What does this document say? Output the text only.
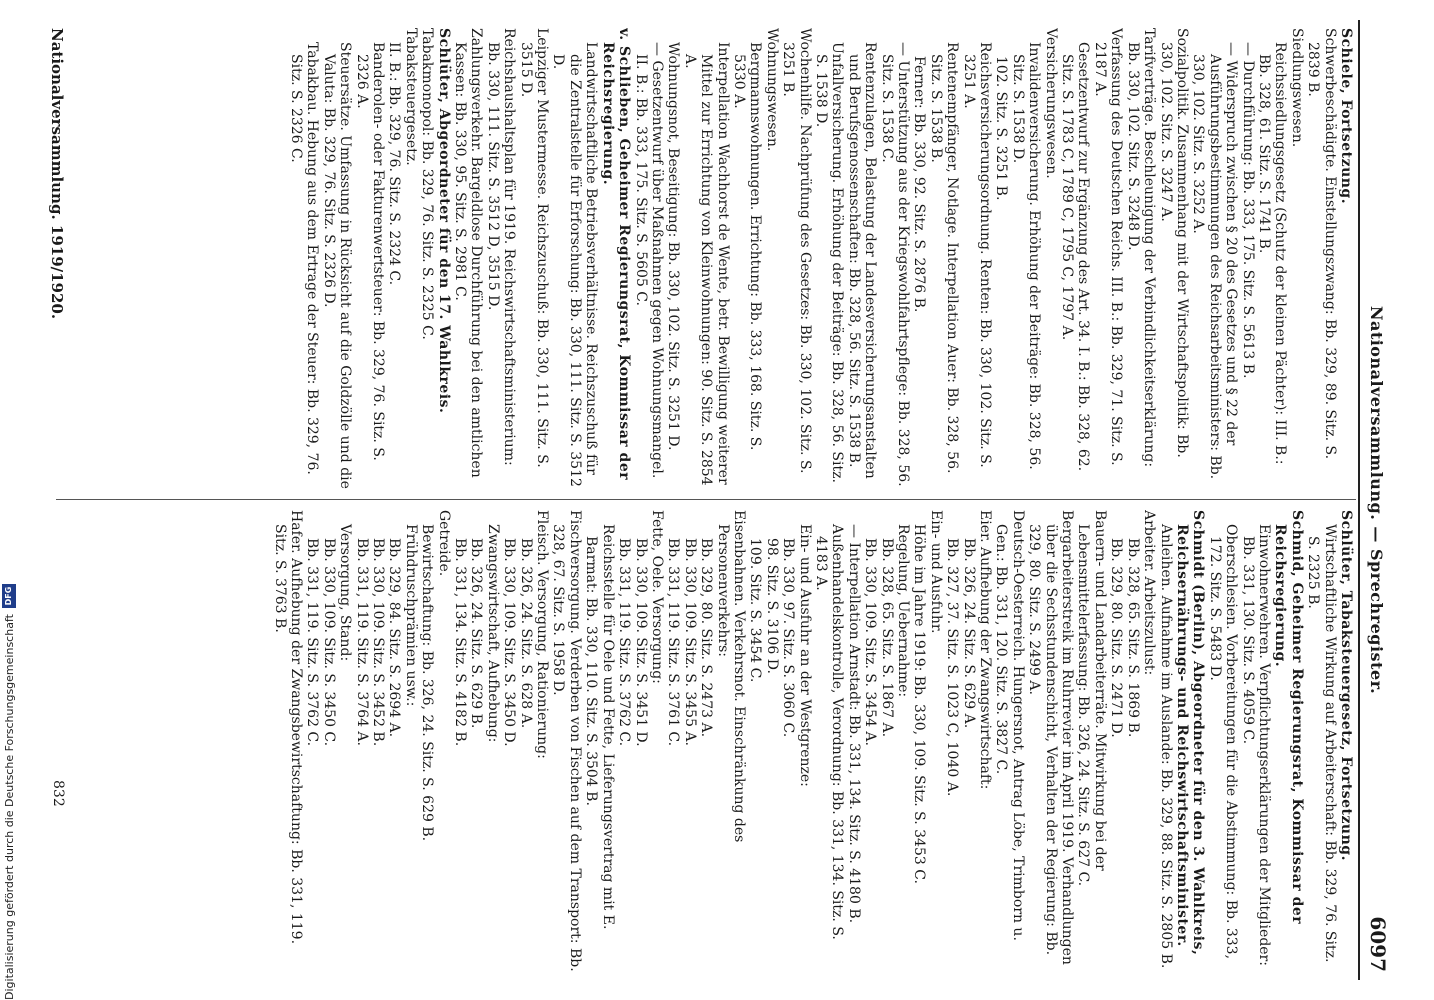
Nationalversammlung. — Sprechregister.
6097

Schiele, Fortsetzung.

Schwerbeschädigte. Einstellungszwang: Bb. 329, 89. Sitz. S. 2839 B.

Siedlungswesen.

Reichssiedlungsgesetz (Schutz der kleinen Pächter): III. B.: Bb. 328, 61. Sitz. S. 1741 B.

— Durchführung: Bb. 333, 175. Sitz. S. 5613 B.

— Widerspruch zwischen § 20 des Gesetzes und § 22 der Ausführungsbestimmungen des Reichsarbeitsministers: Bb. 330, 102. Sitz. S. 3252 A.

Sozialpolitik. Zusammenhang mit der Wirtschaftspolitik: Bb. 330, 102. Sitz. S. 3247 A.

Tarifverträge. Beschleunigung der Verbindlichkeitserklärung: Bb. 330, 102. Sitz. S. 3248 D.

Verfassung des Deutschen Reichs. III. B.: Bb. 329, 71. Sitz. S. 2187 A.

Gesetzentwurf zur Ergänzung des Art. 34. I. B.: Bb. 328, 62. Sitz. S. 1783 C, 1789 C, 1795 C, 1797 A.

Versicherungswesen.

Invalidenversicherung. Erhöhung der Beiträge: Bb. 328, 56. Sitz. S. 1538 D.

102. Sitz. S. 3251 B.

Reichsversicherungsordnung. Renten: Bb. 330, 102. Sitz. S. 3251 A.

Rentenempfänger, Notlage. Interpellation Auer: Bb. 328, 56. Sitz. S. 1538 B.

Ferner: Bb. 330, 92. Sitz. S. 2876 B.

— Unterstützung aus der Kriegswohlfahrtspflege: Bb. 328, 56. Sitz. S. 1538 C.

Rentenzulagen, Belastung der Landesversicherungsanstalten und Berufsgenossenschaften: Bb. 328, 56. Sitz. S. 1538 B.

Unfallversicherung. Erhöhung der Beiträge: Bb. 328, 56. Sitz. S. 1538 D.

Wochenhilfe. Nachprüfung des Gesetzes: Bb. 330, 102. Sitz. S. 3251 B.

Wohnungswesen.

Bergmannswohnungen. Errichtung: Bb. 333, 168. Sitz. S. 5330 A.

Interpellation Wachhorst de Wente, betr. Bewilligung weiterer Mittel zur Errichtung von Kleinwohnungen: 90. Sitz. S. 2854 A.

Wohnungsnot, Beseitigung: Bb. 330, 102. Sitz. S. 3251 D.

— Gesetzentwurf über Maßnahmen gegen Wohnungsmangel. II. B.: Bb. 333, 175. Sitz. S. 5605 C.

v. Schlieben, Geheimer Regierungsrat, Kommissar der Reichsregierung.

Landwirtschaftliche Betriebsverhältnisse. Reichszuschuß für die Zentralstelle für Erforschung: Bb. 330, 111. Sitz. S. 3512 D.

Leipziger Mustermesse. Reichszuschuß: Bb. 330, 111. Sitz. S. 3515 D.

Reichshaushaltsplan für 1919. Reichswirtschaftsministerium: Bb. 330, 111. Sitz. S. 3512 D, 3515 D.

Zahlungsverkehr. Bargeldlose Durchführung bei den amtlichen Kassen: Bb. 330, 95. Sitz. S. 2981 C.

Schlüter, Abgeordneter für den 17. Wahlkreis.

Tabakmonopol: Bb. 329, 76. Sitz. S. 2325 C.

Tabaksteuergesetz.

II. B.: Bb. 329, 76. Sitz. S. 2324 C.

Banderolen- oder Fakturenwertsteuer: Bb. 329, 76. Sitz. S. 2326 A.

Steuersätze. Umfassung in Rücksicht auf die Goldzölle und die Valuta: Bb. 329, 76. Sitz. S. 2326 D.

Tabakbau. Hebung aus dem Ertrage der Steuer: Bb. 329, 76. Sitz. S. 2326 C.

Schlüter, Tabaksteuergesetz, Fortsetzung.

Wirtschaftliche Wirkung auf Arbeiterschaft: Bb. 329, 76. Sitz. S. 2325 B.

Schmid, Geheimer Regierungsrat, Kommissar der Reichsregierung.

Einwohnerwehren. Verpflichtungserklärungen der Mitglieder: Bb. 331, 130. Sitz. S. 4059 C.

Oberschlesien. Vorbereitungen für die Abstimmung: Bb. 333, 172. Sitz. S. 5483 D.

Schmidt (Berlin), Abgeordneter für den 3. Wahlkreis, Reichsernährungs- und Reichswirtschaftsminister.

Anleihen. Aufnahme im Auslande: Bb. 329, 88. Sitz. S. 2805 B.

Arbeiter. Arbeitszulust:

Bb. 328, 65. Sitz. S. 1869 B.

Bb. 329, 80. Sitz. S. 2471 D.

Bauern- und Landarbeiterräte. Mitwirkung bei der Lebensmittelerfassung: Bb. 326, 24. Sitz. S. 627 C.

Bergarbeiterstreik im Ruhrrevier im April 1919. Verhandlungen über die Sechsstundenschicht, Verhalten der Regierung: Bb. 329, 80. Sitz. S. 2499 A.

Deutsch-Oesterreich. Hungersnot, Antrag Löbe, Trimborn u. Gen.: Bb. 331, 120. Sitz. S. 3827 C.

Eier. Aufhebung der Zwangswirtschaft:

Bb. 326, 24. Sitz. S. 629 A.

Bb. 327, 37. Sitz. S. 1023 C, 1040 A.

Ein- und Ausfuhr.

Höhe im Jahre 1919: Bb. 330, 109. Sitz. S. 3453 C.

Regelung, Uebernahme:

Bb. 328, 65. Sitz. S. 1867 A.

Bb. 330, 109. Sitz. S. 3454 A.

— Interpellation Arnstadt: Bb. 331, 134. Sitz. S. 4180 B.

Außenhandelskontrolle, Verordnung: Bb. 331, 134. Sitz. S. 4183 A.

Ein- und Ausfuhr an der Westgrenze:

Bb. 330, 97. Sitz. S. 3060 C.

98. Sitz. S. 3106 D.

109. Sitz. S. 3454 C.

Eisenbahnen. Verkehrsnot. Einschränkung des Personenverkehrs:

Bb. 329, 80. Sitz. S. 2473 A.

Bb. 330, 109. Sitz. S. 3455 A.

Bb. 331, 119. Sitz. S. 3761 C.

Fette, Oele. Versorgung:

Bb. 330, 109. Sitz. S. 3451 D.

Bb. 331, 119. Sitz. S. 3762 C.

Reichsstelle für Oele und Fette, Lieferungsvertrag mit E. Barmat: Bb. 330, 110. Sitz. S. 3504 B.

Fischversorgung. Verderben von Fischen auf dem Transport: Bb. 328, 67. Sitz. S. 1958 D.

Fleisch. Versorgung, Rationierung:

Bb. 326, 24. Sitz. S. 628 A.

Bb. 330, 109. Sitz. S. 3450 D.

Zwangswirtschaft, Aufhebung:

Bb. 326, 24. Sitz. S. 629 B.

Bb. 331, 134. Sitz. S. 4182 B.

Getreide.

Bewirtschaftung: Bb. 326, 24. Sitz. S. 629 B.

Frühdruschprämien usw.:

Bb. 329, 84. Sitz. S. 2694 A.

Bb. 330, 109. Sitz. S. 3452 B.

Bb. 331, 119. Sitz. S. 3764 A.

Versorgung, Stand:

Bb. 330, 109. Sitz. S. 3450 C.

Bb. 331, 119. Sitz. S. 3762 C.

Hafer. Aufhebung der Zwangsbewirtschaftung: Bb. 331, 119. Sitz. S. 3763 B.

Nationalversammlung. 1919/1920.
832
Digitalisierung gefördert durch die Deutsche Forschungsgemeinschaft
DFG
